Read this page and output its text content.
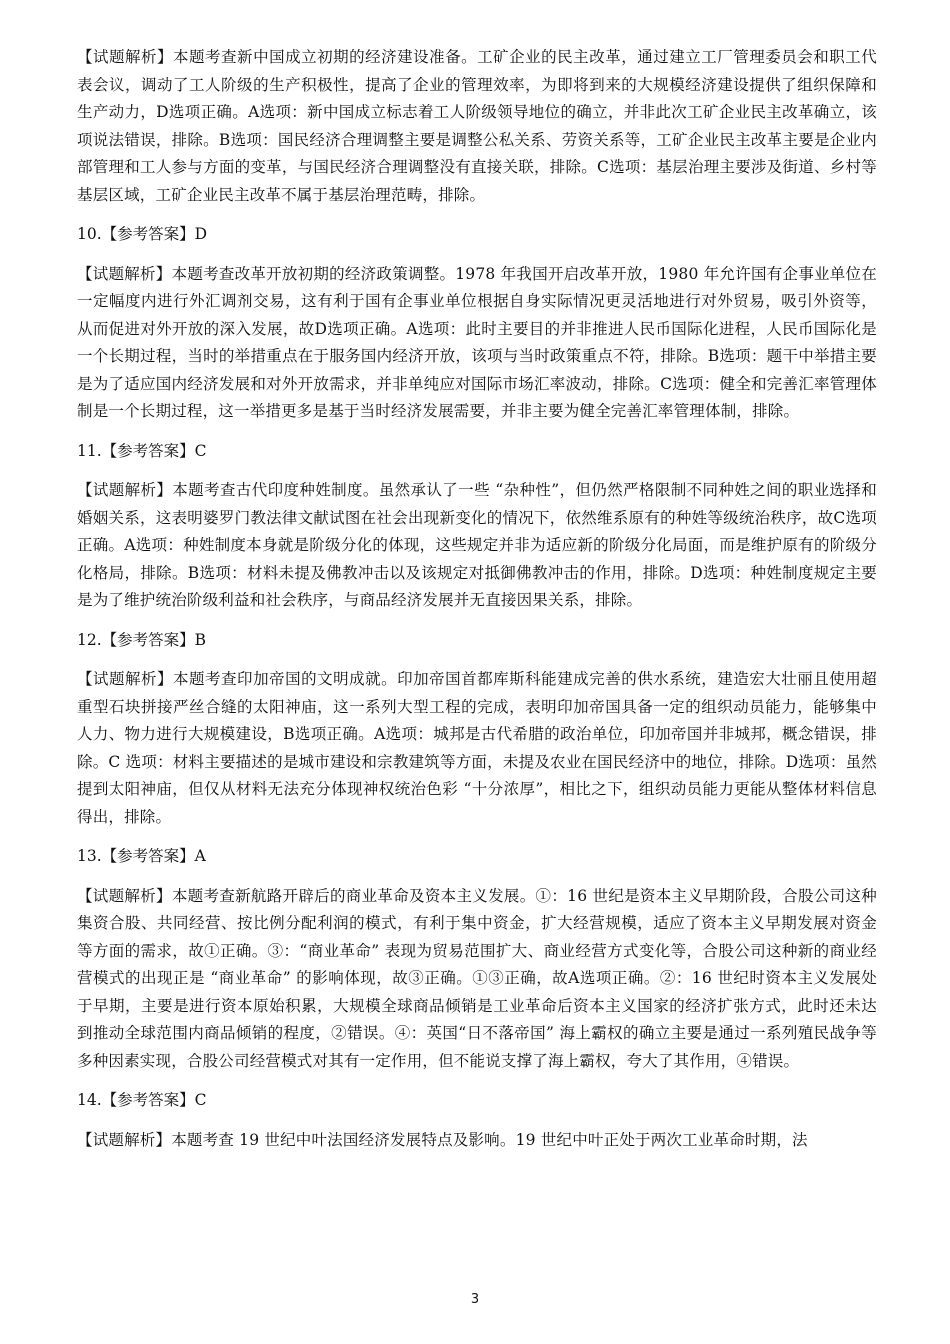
【试题解析】本题考查新中国成立初期的经济建设准备。工矿企业的民主改革，通过建立工厂管理委员会和职工代表会议，调动了工人阶级的生产积极性，提高了企业的管理效率，为即将到来的大规模经济建设提供了组织保障和生产动力，D选项正确。A选项：新中国成立标志着工人阶级领导地位的确立，并非此次工矿企业民主改革确立，该项说法错误，排除。B选项：国民经济合理调整主要是调整公私关系、劳资关系等，工矿企业民主改革主要是企业内部管理和工人参与方面的变革，与国民经济合理调整没有直接关联，排除。C选项：基层治理主要涉及街道、乡村等基层区域，工矿企业民主改革不属于基层治理范畴，排除。

10.【参考答案】D

【试题解析】本题考查改革开放初期的经济政策调整。1978 年我国开启改革开放，1980 年允许国有企事业单位在一定幅度内进行外汇调剂交易，这有利于国有企事业单位根据自身实际情况更灵活地进行对外贸易，吸引外资等，从而促进对外开放的深入发展，故D选项正确。A选项：此时主要目的并非推进人民币国际化进程，人民币国际化是一个长期过程，当时的举措重点在于服务国内经济开放，该项与当时政策重点不符，排除。B选项：题干中举措主要是为了适应国内经济发展和对外开放需求，并非单纯应对国际市场汇率波动，排除。C选项：健全和完善汇率管理体制是一个长期过程，这一举措更多是基于当时经济发展需要，并非主要为健全完善汇率管理体制，排除。

11.【参考答案】C

【试题解析】本题考查古代印度种姓制度。虽然承认了一些 “杂种性”，但仍然严格限制不同种姓之间的职业选择和婚姻关系，这表明婆罗门教法律文献试图在社会出现新变化的情况下，依然维系原有的种姓等级统治秩序，故C选项正确。A选项：种姓制度本身就是阶级分化的体现，这些规定并非为适应新的阶级分化局面，而是维护原有的阶级分化格局，排除。B选项：材料未提及佛教冲击以及该规定对抵御佛教冲击的作用，排除。D选项：种姓制度规定主要是为了维护统治阶级利益和社会秩序，与商品经济发展并无直接因果关系，排除。

12.【参考答案】B

【试题解析】本题考查印加帝国的文明成就。印加帝国首都库斯科能建成完善的供水系统，建造宏大壮丽且使用超重型石块拼接严丝合缝的太阳神庙，这一系列大型工程的完成，表明印加帝国具备一定的组织动员能力，能够集中人力、物力进行大规模建设，B选项正确。A选项：城邦是古代希腊的政治单位，印加帝国并非城邦，概念错误，排除。C 选项：材料主要描述的是城市建设和宗教建筑等方面，未提及农业在国民经济中的地位，排除。D选项：虽然提到太阳神庙，但仅从材料无法充分体现神权统治色彩 “十分浓厚”，相比之下，组织动员能力更能从整体材料信息得出，排除。

13.【参考答案】A

【试题解析】本题考查新航路开辟后的商业革命及资本主义发展。①：16 世纪是资本主义早期阶段，合股公司这种集资合股、共同经营、按比例分配利润的模式，有利于集中资金，扩大经营规模，适应了资本主义早期发展对资金等方面的需求，故①正确。③：“商业革命” 表现为贸易范围扩大、商业经营方式变化等，合股公司这种新的商业经营模式的出现正是 “商业革命” 的影响体现，故③正确。①③正确，故A选项正确。②：16 世纪时资本主义发展处于早期，主要是进行资本原始积累，大规模全球商品倾销是工业革命后资本主义国家的经济扩张方式，此时还未达到推动全球范围内商品倾销的程度，②错误。④：英国“日不落帝国” 海上霸权的确立主要是通过一系列殖民战争等多种因素实现，合股公司经营模式对其有一定作用，但不能说支撑了海上霸权，夸大了其作用，④错误。

14.【参考答案】C

【试题解析】本题考查 19 世纪中叶法国经济发展特点及影响。19 世纪中叶正处于两次工业革命时期，法

3
